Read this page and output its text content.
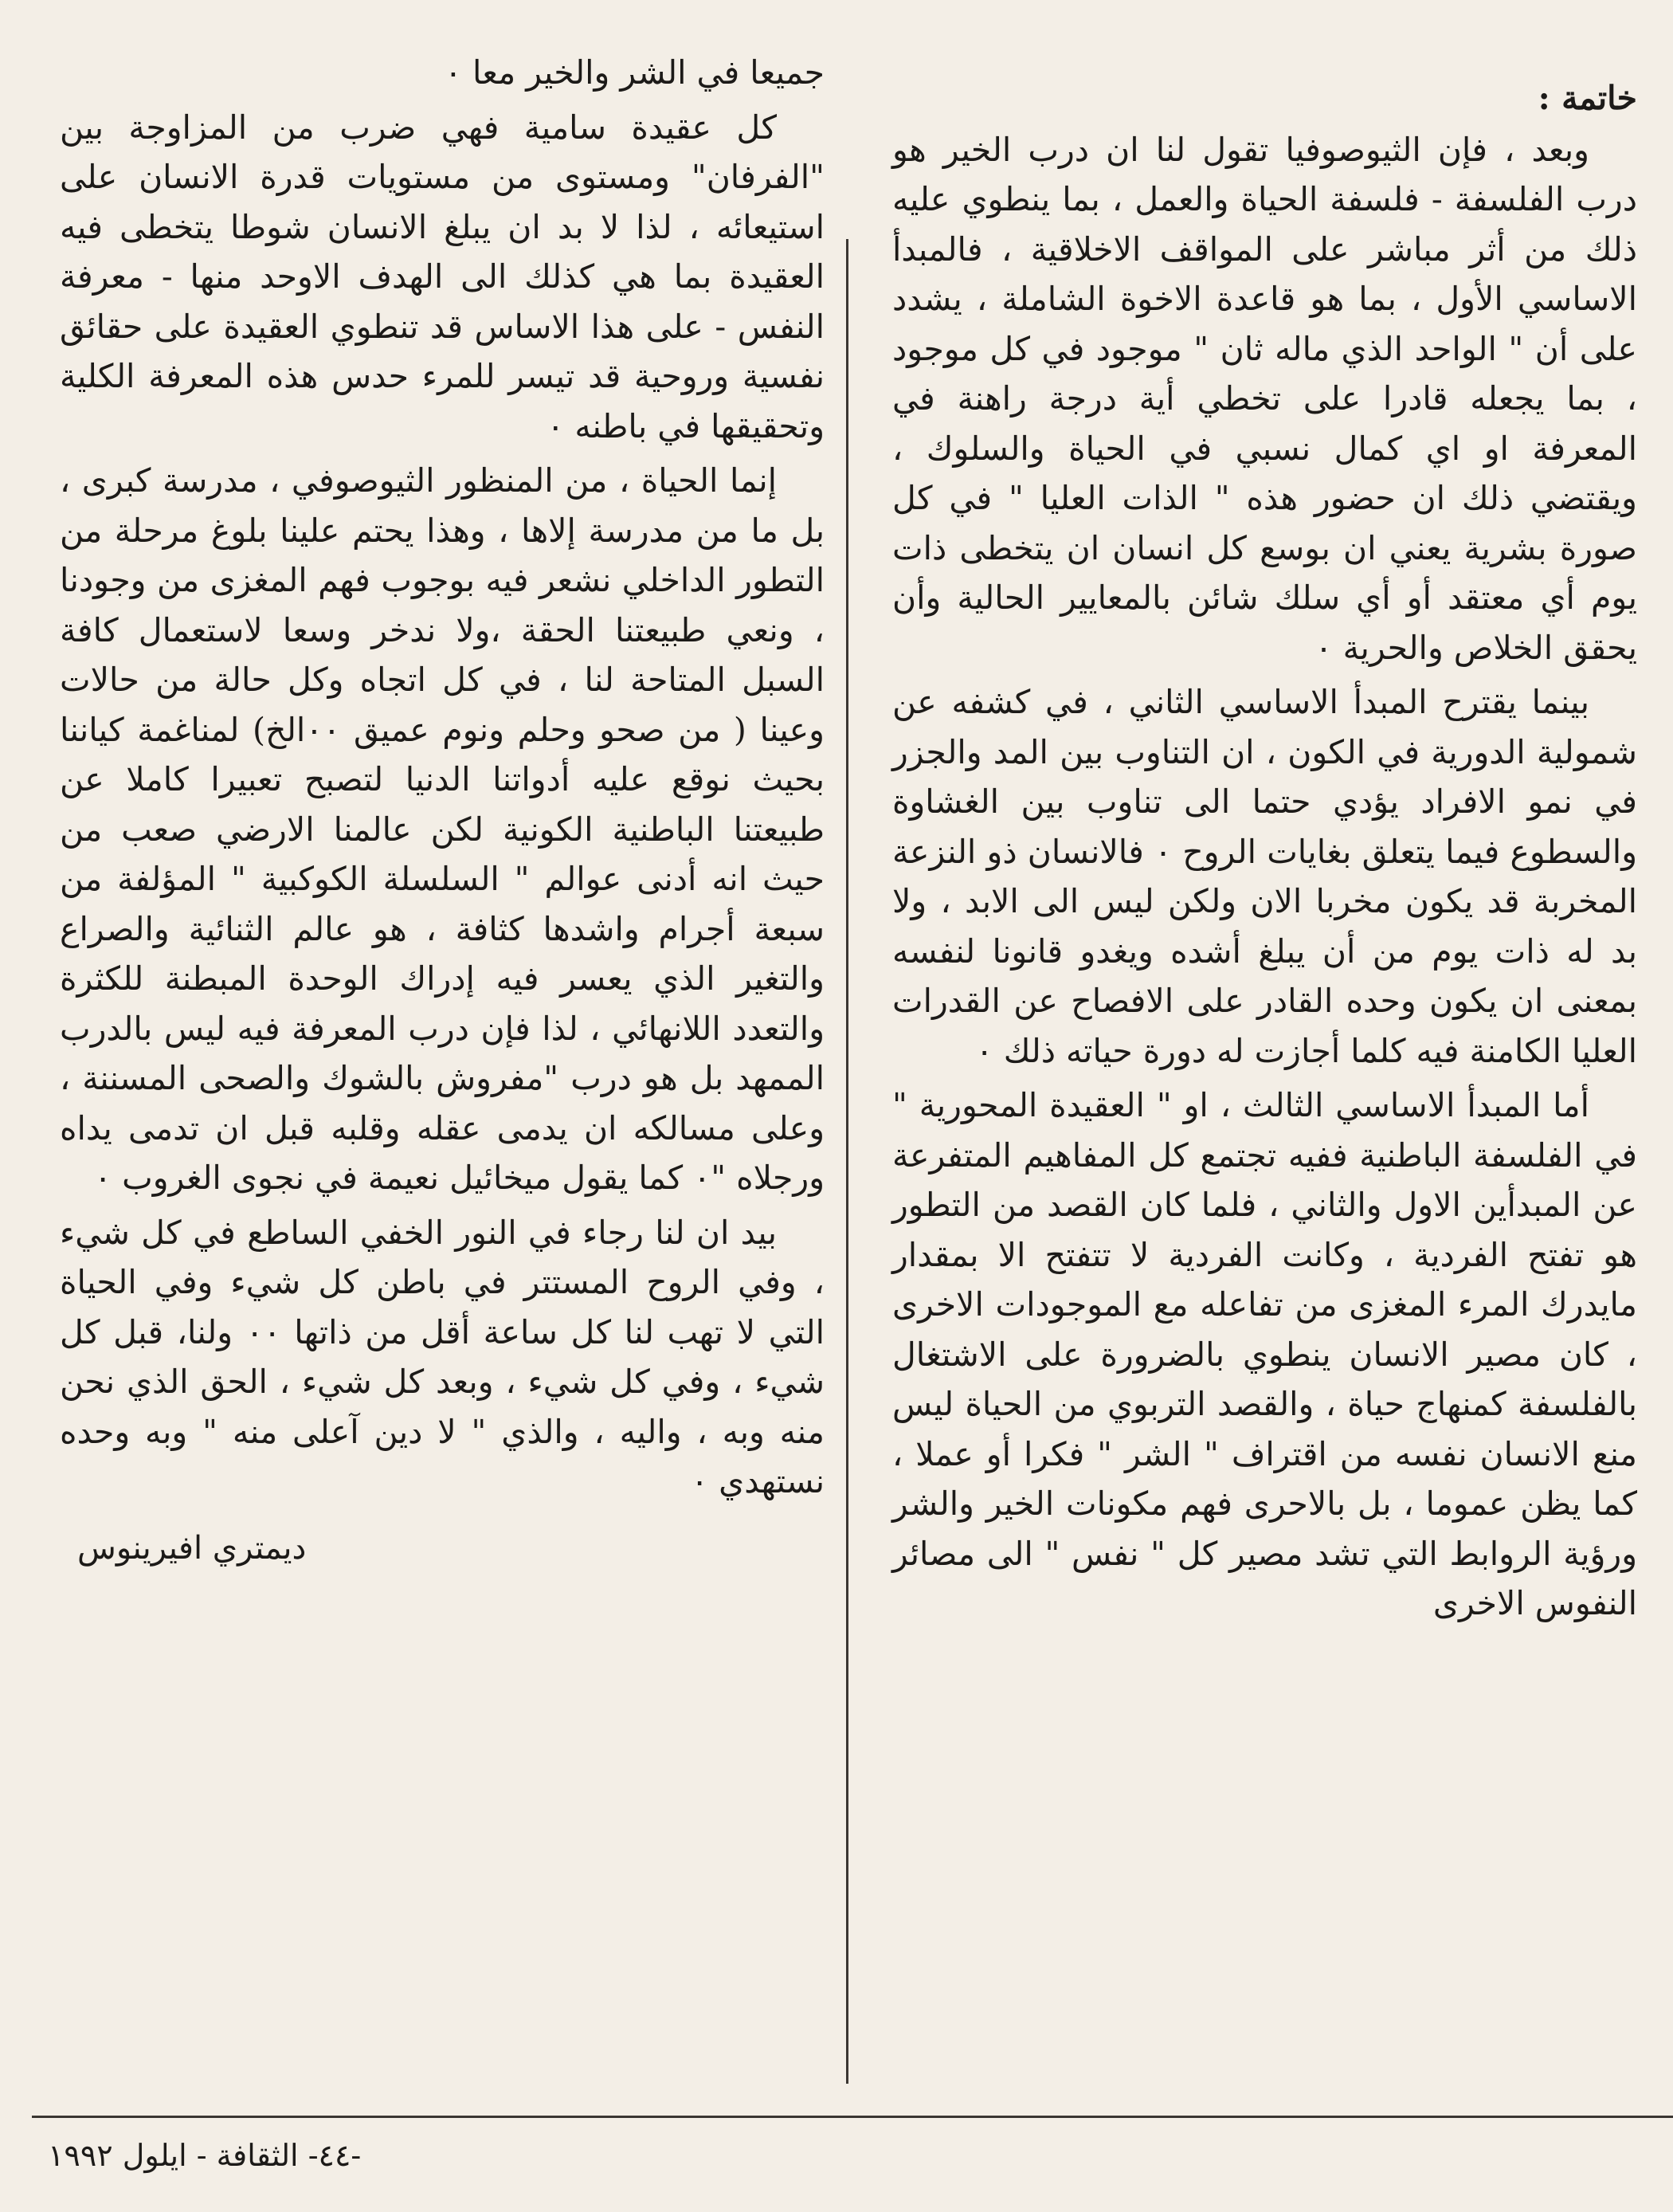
خاتمة :

وبعد ، فإن الثيوصوفيا تقول لنا ان درب الخير هو درب الفلسفة - فلسفة الحياة والعمل ، بما ينطوي عليه ذلك من أثر مباشر على المواقف الاخلاقية ، فالمبدأ الاساسي الأول ، بما هو قاعدة الاخوة الشاملة ، يشدد على أن " الواحد الذي ماله ثان " موجود في كل موجود ، بما يجعله قادرا على تخطي أية درجة راهنة في المعرفة او اي كمال نسبي في الحياة والسلوك ، ويقتضي ذلك ان حضور هذه " الذات العليا " في كل صورة بشرية يعني ان بوسع كل انسان ان يتخطى ذات يوم أي معتقد أو أي سلك شائن بالمعايير الحالية وأن يحقق الخلاص والحرية ٠

بينما يقترح المبدأ الاساسي الثاني ، في كشفه عن شمولية الدورية في الكون ، ان التناوب بين المد والجزر في نمو الافراد يؤدي حتما الى تناوب بين الغشاوة والسطوع فيما يتعلق بغايات الروح ٠ فالانسان ذو النزعة المخربة قد يكون مخربا الان ولكن ليس الى الابد ، ولا بد له ذات يوم من أن يبلغ أشده ويغدو قانونا لنفسه بمعنى ان يكون وحده القادر على الافصاح عن القدرات العليا الكامنة فيه كلما أجازت له دورة حياته ذلك ٠

أما المبدأ الاساسي الثالث ، او " العقيدة المحورية " في الفلسفة الباطنية ففيه تجتمع كل المفاهيم المتفرعة عن المبدأين الاول والثاني ، فلما كان القصد من التطور هو تفتح الفردية ، وكانت الفردية لا تتفتح الا بمقدار مايدرك المرء المغزى من تفاعله مع الموجودات الاخرى ، كان مصير الانسان ينطوي بالضرورة على الاشتغال بالفلسفة كمنهاج حياة ، والقصد التربوي من الحياة ليس منع الانسان نفسه من اقتراف " الشر " فكرا أو عملا ، كما يظن عموما ، بل بالاحرى فهم مكونات الخير والشر ورؤية الروابط التي تشد مصير كل " نفس " الى مصائر النفوس الاخرى

جميعا في الشر والخير معا ٠

كل عقيدة سامية فهي ضرب من المزاوجة بين "الفرفان" ومستوى من مستويات قدرة الانسان على استيعائه ، لذا لا بد ان يبلغ الانسان شوطا يتخطى فيه العقيدة بما هي كذلك الى الهدف الاوحد منها - معرفة النفس - على هذا الاساس قد تنطوي العقيدة على حقائق نفسية وروحية قد تيسر للمرء حدس هذه المعرفة الكلية وتحقيقها في باطنه ٠

إنما الحياة ، من المنظور الثيوصوفي ، مدرسة كبرى ، بل ما من مدرسة إلاها ، وهذا يحتم علينا بلوغ مرحلة من التطور الداخلي نشعر فيه بوجوب فهم المغزى من وجودنا ، ونعي طبيعتنا الحقة ،ولا ندخر وسعا لاستعمال كافة السبل المتاحة لنا ، في كل اتجاه وكل حالة من حالات وعينا ( من صحو وحلم ونوم عميق ٠٠الخ) لمناغمة كياننا بحيث نوقع عليه أدواتنا الدنيا لتصبح تعبيرا كاملا عن طبيعتنا الباطنية الكونية لكن عالمنا الارضي صعب من حيث انه أدنى عوالم " السلسلة الكوكبية " المؤلفة من سبعة أجرام واشدها كثافة ، هو عالم الثنائية والصراع والتغير الذي يعسر فيه إدراك الوحدة المبطنة للكثرة والتعدد اللانهائي ، لذا فإن درب المعرفة فيه ليس بالدرب الممهد بل هو درب "مفروش بالشوك والصحى المسننة ، وعلى مسالكه ان يدمى عقله وقلبه قبل ان تدمى يداه ورجلاه "٠ كما يقول ميخائيل نعيمة في نجوى الغروب ٠

بيد ان لنا رجاء في النور الخفي الساطع في كل شيء ، وفي الروح المستتر في باطن كل شيء وفي الحياة التي لا تهب لنا كل ساعة أقل من ذاتها ٠٠ ولنا، قبل كل شيء ، وفي كل شيء ، وبعد كل شيء ، الحق الذي نحن منه وبه ، واليه ، والذي " لا دين آعلى منه " وبه وحده نستهدي ٠

ديمتري افيرينوس
-٤٤- الثقافة - ايلول ١٩٩٢
